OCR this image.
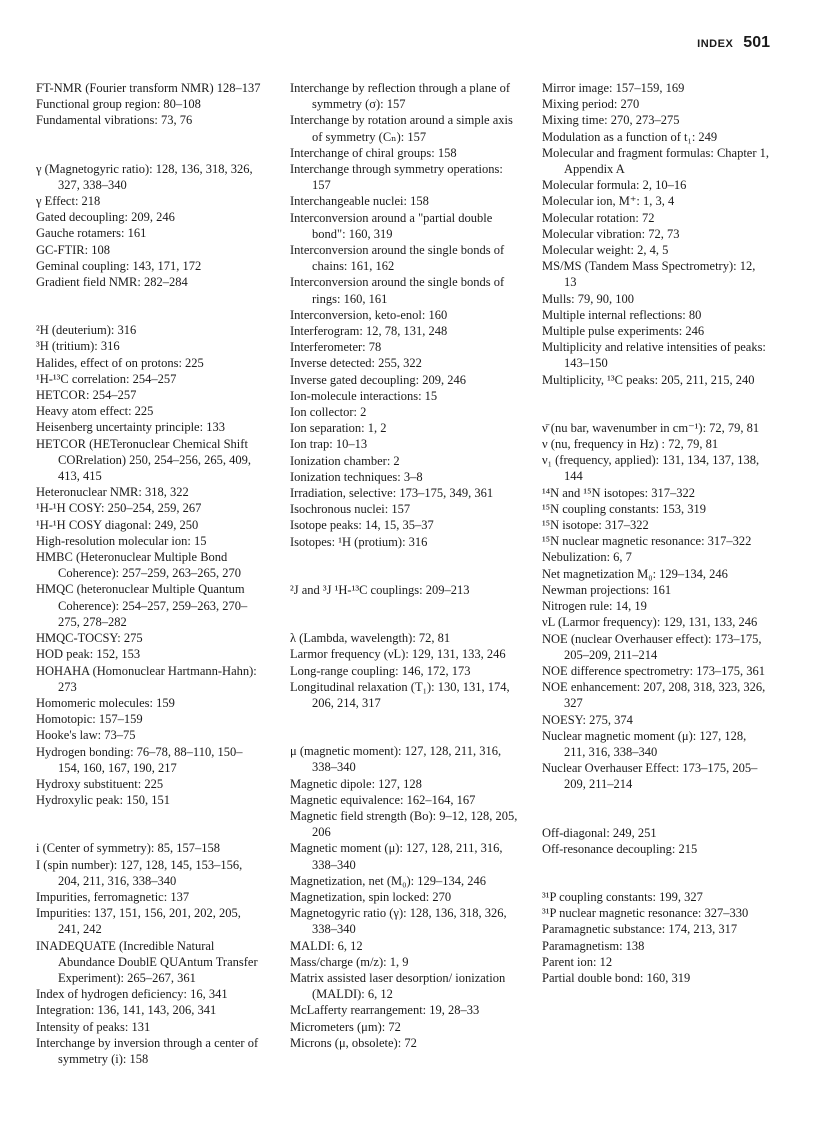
INDEX 501

FT-NMR (Fourier transform NMR) 128–137

Functional group region: 80–108

Fundamental vibrations: 73, 76

γ (Magnetogyric ratio): 128, 136, 318, 326, 327, 338–340

γ Effect: 218

Gated decoupling: 209, 246

Gauche rotamers: 161

GC-FTIR: 108

Geminal coupling: 143, 171, 172

Gradient field NMR: 282–284

²H (deuterium): 316

³H (tritium): 316

Halides, effect of on protons: 225

¹H-¹³C correlation: 254–257

HETCOR: 254–257

Heavy atom effect: 225

Heisenberg uncertainty principle: 133

HETCOR (HETeronuclear Chemical Shift CORrelation) 250, 254–256, 265, 409, 413, 415

Heteronuclear NMR: 318, 322

¹H-¹H COSY: 250–254, 259, 267

¹H-¹H COSY diagonal: 249, 250

High-resolution molecular ion: 15

HMBC (Heteronuclear Multiple Bond Coherence): 257–259, 263–265, 270

HMQC (heteronuclear Multiple Quantum Coherence): 254–257, 259–263, 270–275, 278–282

HMQC-TOCSY: 275

HOD peak: 152, 153

HOHAHA (Homonuclear Hartmann-Hahn): 273

Homomeric molecules: 159

Homotopic: 157–159

Hooke's law: 73–75

Hydrogen bonding: 76–78, 88–110, 150–154, 160, 167, 190, 217

Hydroxy substituent: 225

Hydroxylic peak: 150, 151

i (Center of symmetry): 85, 157–158

I (spin number): 127, 128, 145, 153–156, 204, 211, 316, 338–340

Impurities, ferromagnetic: 137

Impurities: 137, 151, 156, 201, 202, 205, 241, 242

INADEQUATE (Incredible Natural Abundance DoublE QUAntum Transfer Experiment): 265–267, 361

Index of hydrogen deficiency: 16, 341

Integration: 136, 141, 143, 206, 341

Intensity of peaks: 131

Interchange by inversion through a center of symmetry (i): 158

Interchange by reflection through a plane of symmetry (σ): 157

Interchange by rotation around a simple axis of symmetry (Cₙ): 157

Interchange of chiral groups: 158

Interchange through symmetry operations: 157

Interchangeable nuclei: 158

Interconversion around a "partial double bond": 160, 319

Interconversion around the single bonds of chains: 161, 162

Interconversion around the single bonds of rings: 160, 161

Interconversion, keto-enol: 160

Interferogram: 12, 78, 131, 248

Interferometer: 78

Inverse detected: 255, 322

Inverse gated decoupling: 209, 246

Ion-molecule interactions: 15

Ion collector: 2

Ion separation: 1, 2

Ion trap: 10–13

Ionization chamber: 2

Ionization techniques: 3–8

Irradiation, selective: 173–175, 349, 361

Isochronous nuclei: 157

Isotope peaks: 14, 15, 35–37

Isotopes: ¹H (protium): 316

²J and ³J ¹H-¹³C couplings: 209–213

λ (Lambda, wavelength): 72, 81

Larmor frequency (νL): 129, 131, 133, 246

Long-range coupling: 146, 172, 173

Longitudinal relaxation (T₁): 130, 131, 174, 206, 214, 317

μ (magnetic moment): 127, 128, 211, 316, 338–340

Magnetic dipole: 127, 128

Magnetic equivalence: 162–164, 167

Magnetic field strength (Bo): 9–12, 128, 205, 206

Magnetic moment (μ): 127, 128, 211, 316, 338–340

Magnetization, net (M₀): 129–134, 246

Magnetization, spin locked: 270

Magnetogyric ratio (γ): 128, 136, 318, 326, 338–340

MALDI: 6, 12

Mass/charge (m/z): 1, 9

Matrix assisted laser desorption/ ionization (MALDI): 6, 12

McLafferty rearrangement: 19, 28–33

Micrometers (μm): 72

Microns (μ, obsolete): 72

Mirror image: 157–159, 169

Mixing period: 270

Mixing time: 270, 273–275

Modulation as a function of t₁: 249

Molecular and fragment formulas: Chapter 1, Appendix A

Molecular formula: 2, 10–16

Molecular ion, M⁺: 1, 3, 4

Molecular rotation: 72

Molecular vibration: 72, 73

Molecular weight: 2, 4, 5

MS/MS (Tandem Mass Spectrometry): 12, 13

Mulls: 79, 90, 100

Multiple internal reflections: 80

Multiple pulse experiments: 246

Multiplicity and relative intensities of peaks: 143–150

Multiplicity, ¹³C peaks: 205, 211, 215, 240

ν̄ (nu bar, wavenumber in cm⁻¹): 72, 79, 81

ν (nu, frequency in Hz) : 72, 79, 81

ν₁ (frequency, applied): 131, 134, 137, 138, 144

¹⁴N and ¹⁵N isotopes: 317–322

¹⁵N coupling constants: 153, 319

¹⁵N isotope: 317–322

¹⁵N nuclear magnetic resonance: 317–322

Nebulization: 6, 7

Net magnetization M₀: 129–134, 246

Newman projections: 161

Nitrogen rule: 14, 19

νL (Larmor frequency): 129, 131, 133, 246

NOE (nuclear Overhauser effect): 173–175, 205–209, 211–214

NOE difference spectrometry: 173–175, 361

NOE enhancement: 207, 208, 318, 323, 326, 327

NOESY: 275, 374

Nuclear magnetic moment (μ): 127, 128, 211, 316, 338–340

Nuclear Overhauser Effect: 173–175, 205–209, 211–214

Off-diagonal: 249, 251

Off-resonance decoupling: 215

³¹P coupling constants: 199, 327

³¹P nuclear magnetic resonance: 327–330

Paramagnetic substance: 174, 213, 317

Paramagnetism: 138

Parent ion: 12

Partial double bond: 160, 319
